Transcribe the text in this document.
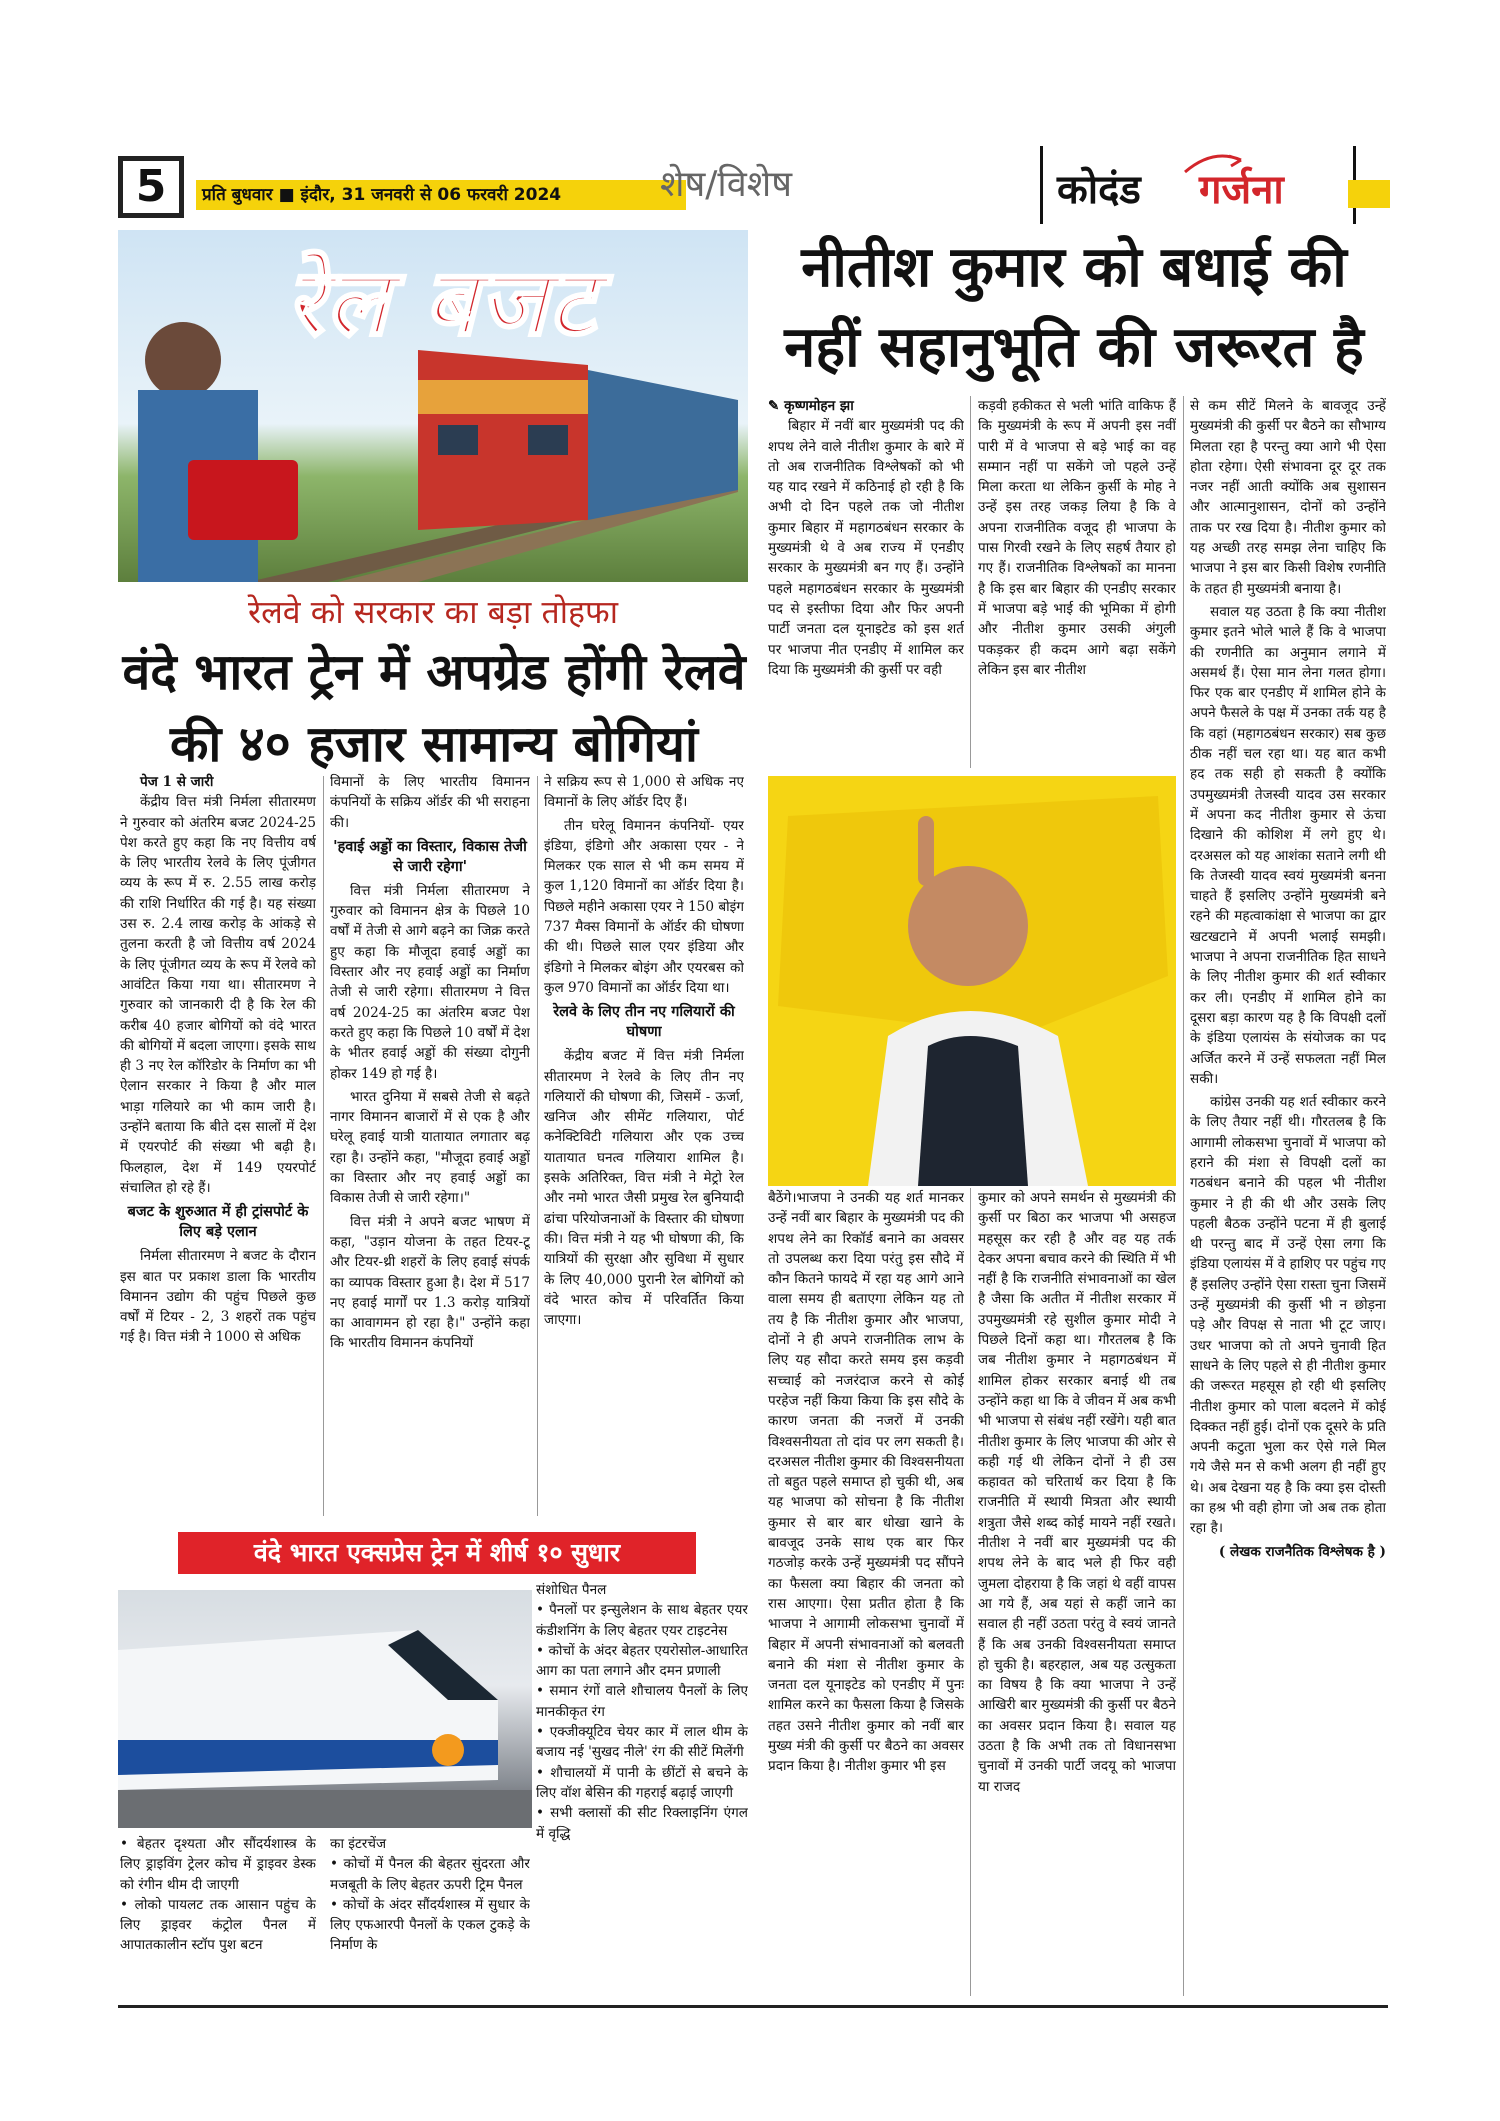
5	प्रति बुधवार ■ इंदौर, 31 जनवरी से 06 फरवरी 2024	शेष/विशेष	कोदंड गर्जना
रेल बजट
रेलवे को सरकार का बड़ा तोहफा
वंदे भारत ट्रेन में अपग्रेड होंगी रेलवे
की ४० हजार सामान्य बोगियां
पेज 1 से जारी

केंद्रीय वित्त मंत्री निर्मला सीतारमण ने गुरुवार को अंतरिम बजट 2024-25 पेश करते हुए कहा कि नए वित्तीय वर्ष के लिए भारतीय रेलवे के लिए पूंजीगत व्यय के रूप में रु. 2.55 लाख करोड़ की राशि निर्धारित की गई है। यह संख्या उस रु. 2.4 लाख करोड़ के आंकड़े से तुलना करती है जो वित्तीय वर्ष 2024 के लिए पूंजीगत व्यय के रूप में रेलवे को आवंटित किया गया था। सीतारमण ने गुरुवार को जानकारी दी है कि रेल की करीब 40 हजार बोगियों को वंदे भारत की बोगियों में बदला जाएगा। इसके साथ ही 3 नए रेल कॉरिडोर के निर्माण का भी ऐलान सरकार ने किया है और माल भाड़ा गलियारे का भी काम जारी है। उन्होंने बताया कि बीते दस सालों में देश में एयरपोर्ट की संख्या भी बढ़ी है। फिलहाल, देश में 149 एयरपोर्ट संचालित हो रहे हैं।

बजट के शुरुआत में ही ट्रांसपोर्ट के लिए बड़े एलान

निर्मला सीतारमण ने बजट के दौरान इस बात पर प्रकाश डाला कि भारतीय विमानन उद्योग की पहुंच पिछले कुछ वर्षों में टियर - 2, 3 शहरों तक पहुंच गई है। वित्त मंत्री ने 1000 से अधिक

विमानों के लिए भारतीय विमानन कंपनियों के सक्रिय ऑर्डर की भी सराहना की।

'हवाई अड्डों का विस्तार, विकास तेजी से जारी रहेगा'

वित्त मंत्री निर्मला सीतारमण ने गुरुवार को विमानन क्षेत्र के पिछले 10 वर्षों में तेजी से आगे बढ़ने का जिक्र करते हुए कहा कि मौजूदा हवाई अड्डों का विस्तार और नए हवाई अड्डों का निर्माण तेजी से जारी रहेगा। सीतारमण ने वित्त वर्ष 2024-25 का अंतरिम बजट पेश करते हुए कहा कि पिछले 10 वर्षों में देश के भीतर हवाई अड्डों की संख्या दोगुनी होकर 149 हो गई है।

भारत दुनिया में सबसे तेजी से बढ़ते नागर विमानन बाजारों में से एक है और घरेलू हवाई यात्री यातायात लगातार बढ़ रहा है। उन्होंने कहा, "मौजूदा हवाई अड्डों का विस्तार और नए हवाई अड्डों का विकास तेजी से जारी रहेगा।"

वित्त मंत्री ने अपने बजट भाषण में कहा, "उड़ान योजना के तहत टियर-टू और टियर-थ्री शहरों के लिए हवाई संपर्क का व्यापक विस्तार हुआ है। देश में 517 नए हवाई मार्गों पर 1.3 करोड़ यात्रियों का आवागमन हो रहा है।" उन्होंने कहा कि भारतीय विमानन कंपनियों

ने सक्रिय रूप से 1,000 से अधिक नए विमानों के लिए ऑर्डर दिए हैं।

तीन घरेलू विमानन कंपनियों- एयर इंडिया, इंडिगो और अकासा एयर - ने मिलकर एक साल से भी कम समय में कुल 1,120 विमानों का ऑर्डर दिया है। पिछले महीने अकासा एयर ने 150 बोइंग 737 मैक्स विमानों के ऑर्डर की घोषणा की थी। पिछले साल एयर इंडिया और इंडिगो ने मिलकर बोइंग और एयरबस को कुल 970 विमानों का ऑर्डर दिया था।

रेलवे के लिए तीन नए गलियारों की घोषणा

केंद्रीय बजट में वित्त मंत्री निर्मला सीतारमण ने रेलवे के लिए तीन नए गलियारों की घोषणा की, जिसमें - ऊर्जा, खनिज और सीमेंट गलियारा, पोर्ट कनेक्टिविटी गलियारा और एक उच्च यातायात घनत्व गलियारा शामिल है। इसके अतिरिक्त, वित्त मंत्री ने मेट्रो रेल और नमो भारत जैसी प्रमुख रेल बुनियादी ढांचा परियोजनाओं के विस्तार की घोषणा की। वित्त मंत्री ने यह भी घोषणा की, कि यात्रियों की सुरक्षा और सुविधा में सुधार के लिए 40,000 पुरानी रेल बोगियों को वंदे भारत कोच में परिवर्तित किया जाएगा।

वंदे भारत एक्सप्रेस ट्रेन में शीर्ष १० सुधार
संशोधित पैनल
• पैनलों पर इन्सुलेशन के साथ बेहतर एयर कंडीशनिंग के लिए बेहतर एयर टाइटनेस
• कोचों के अंदर बेहतर एयरोसोल-आधारित आग का पता लगाने और दमन प्रणाली
• समान रंगों वाले शौचालय पैनलों के लिए मानकीकृत रंग
• एक्जीक्यूटिव चेयर कार में लाल थीम के बजाय नई 'सुखद नीले' रंग की सीटें मिलेंगी
• शौचालयों में पानी के छींटों से बचने के लिए वॉश बेसिन की गहराई बढ़ाई जाएगी
• सभी क्लासों की सीट रिक्लाइनिंग एंगल में वृद्धि
• बेहतर दृश्यता और सौंदर्यशास्त्र के लिए ड्राइविंग ट्रेलर कोच में ड्राइवर डेस्क को रंगीन थीम दी जाएगी
• लोको पायलट तक आसान पहुंच के लिए ड्राइवर कंट्रोल पैनल में आपातकालीन स्टॉप पुश बटन
का इंटरचेंज
• कोचों में पैनल की बेहतर सुंदरता और मजबूती के लिए बेहतर ऊपरी ट्रिम पैनल
• कोचों के अंदर सौंदर्यशास्त्र में सुधार के लिए एफआरपी पैनलों के एकल टुकड़े के निर्माण के
नीतीश कुमार को बधाई की
नहीं सहानुभूति की जरूरत है
✎ कृष्णमोहन झा

बिहार में नवीं बार मुख्यमंत्री पद की शपथ लेने वाले नीतीश कुमार के बारे में तो अब राजनीतिक विश्लेषकों को भी यह याद रखने में कठिनाई हो रही है कि अभी दो दिन पहले तक जो नीतीश कुमार बिहार में महागठबंधन सरकार के मुख्यमंत्री थे वे अब राज्य में एनडीए सरकार के मुख्यमंत्री बन गए हैं। उन्होंने पहले महागठबंधन सरकार के मुख्यमंत्री पद से इस्तीफा दिया और फिर अपनी पार्टी जनता दल यूनाइटेड को इस शर्त पर भाजपा नीत एनडीए में शामिल कर दिया कि मुख्यमंत्री की कुर्सी पर वही

कड़वी हकीकत से भली भांति वाकिफ हैं कि मुख्यमंत्री के रूप में अपनी इस नवीं पारी में वे भाजपा से बड़े भाई का वह सम्मान नहीं पा सकेंगे जो पहले उन्हें मिला करता था लेकिन कुर्सी के मोह ने उन्हें इस तरह जकड़ लिया है कि वे अपना राजनीतिक वजूद ही भाजपा के पास गिरवी रखने के लिए सहर्ष तैयार हो गए हैं। राजनीतिक विश्लेषकों का मानना है कि इस बार बिहार की एनडीए सरकार में भाजपा बड़े भाई की भूमिका में होगी और नीतीश कुमार उसकी अंगुली पकड़कर ही कदम आगे बढ़ा सकेंगे लेकिन इस बार नीतीश

बैठेंगे।भाजपा ने उनकी यह शर्त मानकर उन्हें नवीं बार बिहार के मुख्यमंत्री पद की शपथ लेने का रिकॉर्ड बनाने का अवसर तो उपलब्ध करा दिया परंतु इस सौदे में कौन कितने फायदे में रहा यह आगे आने वाला समय ही बताएगा लेकिन यह तो तय है कि नीतीश कुमार और भाजपा, दोनों ने ही अपने राजनीतिक लाभ के लिए यह सौदा करते समय इस कड़वी सच्चाई को नजरंदाज करने से कोई परहेज नहीं किया किया कि इस सौदे के कारण जनता की नजरों में उनकी विश्वसनीयता तो दांव पर लग सकती है। दरअसल नीतीश कुमार की विश्वसनीयता तो बहुत पहले समाप्त हो चुकी थी, अब यह भाजपा को सोचना है कि नीतीश कुमार से बार बार धोखा खाने के बावजूद उनके साथ एक बार फिर गठजोड़ करके उन्हें मुख्यमंत्री पद सौंपने का फैसला क्या बिहार की जनता को रास आएगा। ऐसा प्रतीत होता है कि भाजपा ने आगामी लोकसभा चुनावों में बिहार में अपनी संभावनाओं को बलवती बनाने की मंशा से नीतीश कुमार के जनता दल यूनाइटेड को एनडीए में पुनः शामिल करने का फैसला किया है जिसके तहत उसने नीतीश कुमार को नवीं बार मुख्य मंत्री की कुर्सी पर बैठने का अवसर प्रदान किया है। नीतीश कुमार भी इस

कुमार को अपने समर्थन से मुख्यमंत्री की कुर्सी पर बिठा कर भाजपा भी असहज महसूस कर रही है और वह यह तर्क देकर अपना बचाव करने की स्थिति में भी नहीं है कि राजनीति संभावनाओं का खेल है जैसा कि अतीत में नीतीश सरकार में उपमुख्यमंत्री रहे सुशील कुमार मोदी ने पिछले दिनों कहा था। गौरतलब है कि जब नीतीश कुमार ने महागठबंधन में शामिल होकर सरकार बनाई थी तब उन्होंने कहा था कि वे जीवन में अब कभी भी भाजपा से संबंध नहीं रखेंगे। यही बात नीतीश कुमार के लिए भाजपा की ओर से कही गई थी लेकिन दोनों ने ही उस कहावत को चरितार्थ कर दिया है कि राजनीति में स्थायी मित्रता और स्थायी शत्रुता जैसे शब्द कोई मायने नहीं रखते। नीतीश ने नवीं बार मुख्यमंत्री पद की शपथ लेने के बाद भले ही फिर वही जुमला दोहराया है कि जहां थे वहीं वापस आ गये हैं, अब यहां से कहीं जाने का सवाल ही नहीं उठता परंतु वे स्वयं जानते हैं कि अब उनकी विश्वसनीयता समाप्त हो चुकी है। बहरहाल, अब यह उत्सुकता का विषय है कि क्या भाजपा ने उन्हें आखिरी बार मुख्यमंत्री की कुर्सी पर बैठने का अवसर प्रदान किया है। सवाल यह उठता है कि अभी तक तो विधानसभा चुनावों में उनकी पार्टी जदयू को भाजपा या राजद

से कम सीटें मिलने के बावजूद उन्हें मुख्यमंत्री की कुर्सी पर बैठने का सौभाग्य मिलता रहा है परन्तु क्या आगे भी ऐसा होता रहेगा। ऐसी संभावना दूर दूर तक नजर नहीं आती क्योंकि अब सुशासन और आत्मानुशासन, दोनों को उन्होंने ताक पर रख दिया है। नीतीश कुमार को यह अच्छी तरह समझ लेना चाहिए कि भाजपा ने इस बार किसी विशेष रणनीति के तहत ही मुख्यमंत्री बनाया है।

सवाल यह उठता है कि क्या नीतीश कुमार इतने भोले भाले हैं कि वे भाजपा की रणनीति का अनुमान लगाने में असमर्थ हैं। ऐसा मान लेना गलत होगा। फिर एक बार एनडीए में शामिल होने के अपने फैसले के पक्ष में उनका तर्क यह है कि वहां (महागठबंधन सरकार) सब कुछ ठीक नहीं चल रहा था। यह बात कभी हद तक सही हो सकती है क्योंकि उपमुख्यमंत्री तेजस्वी यादव उस सरकार में अपना कद नीतीश कुमार से ऊंचा दिखाने की कोशिश में लगे हुए थे। दरअसल को यह आशंका सताने लगी थी कि तेजस्वी यादव स्वयं मुख्यमंत्री बनना चाहते हैं इसलिए उन्होंने मुख्यमंत्री बने रहने की महत्वाकांक्षा से भाजपा का द्वार खटखटाने में अपनी भलाई समझी। भाजपा ने अपना राजनीतिक हित साधने के लिए नीतीश कुमार की शर्त स्वीकार कर ली। एनडीए में शामिल होने का दूसरा बड़ा कारण यह है कि विपक्षी दलों के इंडिया एलायंस के संयोजक का पद अर्जित करने में उन्हें सफलता नहीं मिल सकी।

कांग्रेस उनकी यह शर्त स्वीकार करने के लिए तैयार नहीं थी। गौरतलब है कि आगामी लोकसभा चुनावों में भाजपा को हराने की मंशा से विपक्षी दलों का गठबंधन बनाने की पहल भी नीतीश कुमार ने ही की थी और उसके लिए पहली बैठक उन्होंने पटना में ही बुलाई थी परन्तु बाद में उन्हें ऐसा लगा कि इंडिया एलायंस में वे हाशिए पर पहुंच गए हैं इसलिए उन्होंने ऐसा रास्ता चुना जिसमें उन्हें मुख्यमंत्री की कुर्सी भी न छोड़ना पड़े और विपक्ष से नाता भी टूट जाए। उधर भाजपा को तो अपने चुनावी हित साधने के लिए पहले से ही नीतीश कुमार की जरूरत महसूस हो रही थी इसलिए नीतीश कुमार को पाला बदलने में कोई दिक्कत नहीं हुई। दोनों एक दूसरे के प्रति अपनी कटुता भुला कर ऐसे गले मिल गये जैसे मन से कभी अलग ही नहीं हुए थे। अब देखना यह है कि क्या इस दोस्ती का हश्र भी वही होगा जो अब तक होता रहा है।

( लेखक राजनैतिक विश्लेषक है )
